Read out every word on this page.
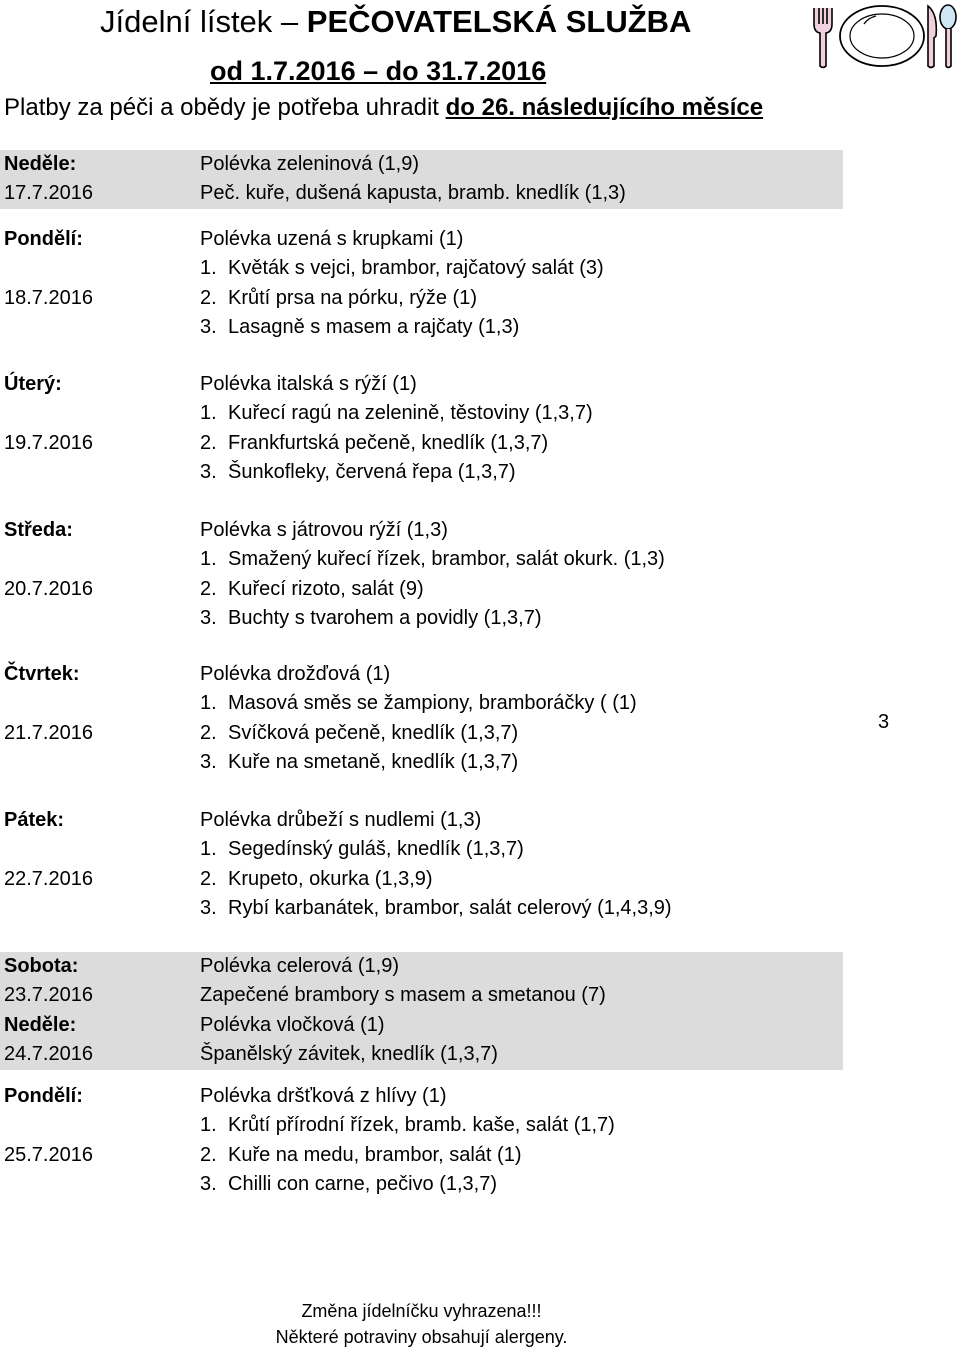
Jídelní lístek – PEČOVATELSKÁ SLUŽBA
od 1.7.2016 – do 31.7.2016
Platby za péči a obědy je potřeba uhradit do 26. následujícího měsíce
Neděle:	Polévka zeleninová (1,9)
17.7.2016	Peč. kuře, dušená kapusta, bramb. knedlík (1,3)
Pondělí:	Polévka uzená s krupkami (1)
1. Květák s vejci, brambor, rajčatový salát (3)
18.7.2016	2. Krůtí prsa na pórku, rýže (1)
3. Lasagně s masem a rajčaty (1,3)
Úterý:	Polévka italská s rýží (1)
1. Kuřecí ragú na zelenině, těstoviny (1,3,7)
19.7.2016	2. Frankfurtská pečeně, knedlík (1,3,7)
3. Šunkofleky, červená řepa (1,3,7)
Středa:	Polévka s játrovou rýží (1,3)
1. Smažený kuřecí řízek, brambor, salát okurk. (1,3)
20.7.2016	2. Kuřecí rizoto, salát (9)
3. Buchty s tvarohem a povidly (1,3,7)
Čtvrtek:	Polévka drožďová (1)
1. Masová směs se žampiony, bramboráčky ( (1)
21.7.2016	2. Svíčková pečeně, knedlík (1,3,7)
3. Kuře na smetaně, knedlík (1,3,7)
Pátek:	Polévka drůbeží s nudlemi (1,3)
1. Segedínský guláš, knedlík (1,3,7)
22.7.2016	2. Krupeto, okurka (1,3,9)
3. Rybí karbanátek, brambor, salát celerový (1,4,3,9)
Sobota:	Polévka celerová (1,9)
23.7.2016	Zapečené brambory s masem a smetanou (7)
Neděle:	Polévka vločková (1)
24.7.2016	Španělský závitek, knedlík (1,3,7)
Pondělí:	Polévka dršťková z hlívy (1)
1. Krůtí přírodní řízek, bramb. kaše, salát (1,7)
25.7.2016	2. Kuře na medu, brambor, salát (1)
3. Chilli con carne, pečivo (1,3,7)
3
Změna jídelníčku vyhrazena!!!
Některé potraviny obsahují alergeny.
